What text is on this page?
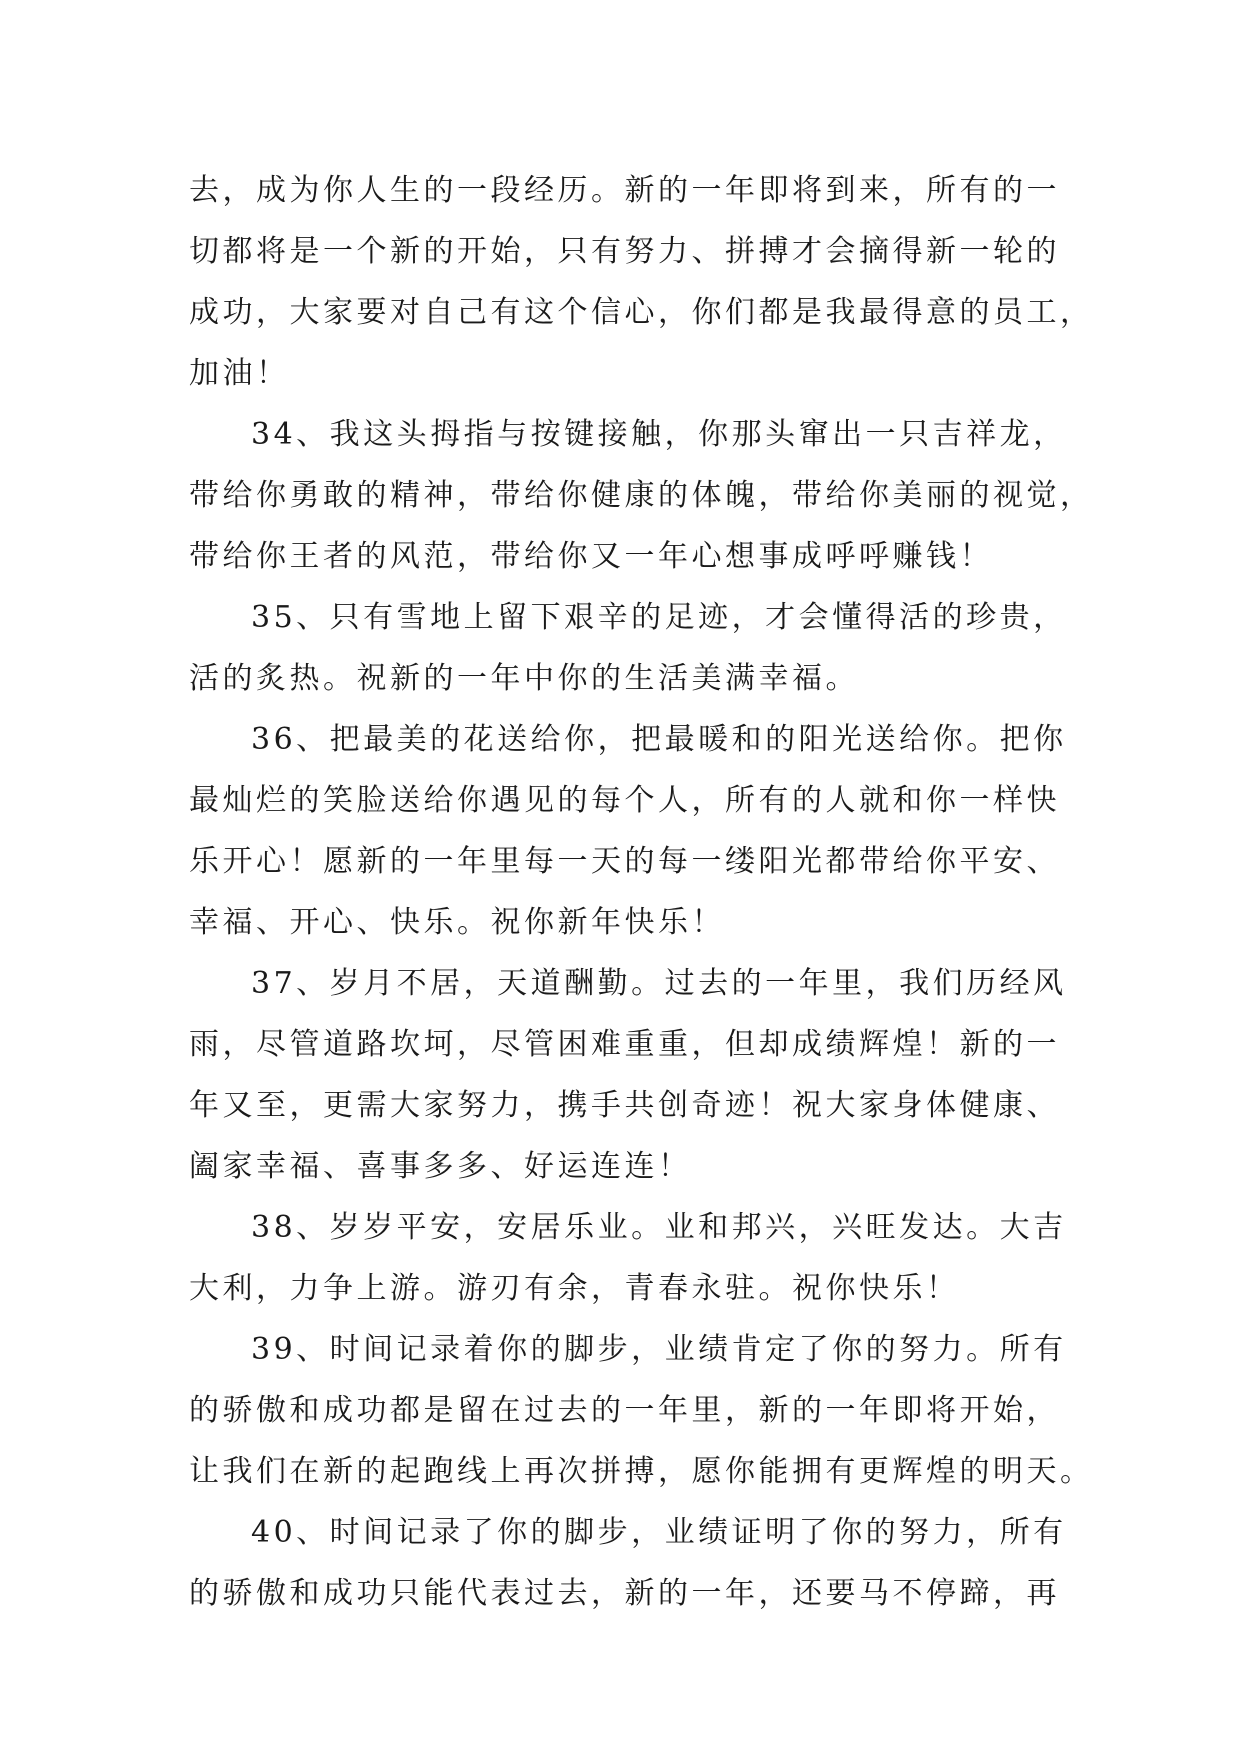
去，成为你人生的一段经历。新的一年即将到来，所有的一
切都将是一个新的开始，只有努力、拼搏才会摘得新一轮的
成功，大家要对自己有这个信心，你们都是我最得意的员工，
加油！
34、我这头拇指与按键接触，你那头窜出一只吉祥龙，
带给你勇敢的精神，带给你健康的体魄，带给你美丽的视觉，
带给你王者的风范，带给你又一年心想事成呼呼赚钱！
35、只有雪地上留下艰辛的足迹，才会懂得活的珍贵，
活的炙热。祝新的一年中你的生活美满幸福。
36、把最美的花送给你，把最暖和的阳光送给你。把你
最灿烂的笑脸送给你遇见的每个人，所有的人就和你一样快
乐开心！愿新的一年里每一天的每一缕阳光都带给你平安、
幸福、开心、快乐。祝你新年快乐！
37、岁月不居，天道酬勤。过去的一年里，我们历经风
雨，尽管道路坎坷，尽管困难重重，但却成绩辉煌！新的一
年又至，更需大家努力，携手共创奇迹！祝大家身体健康、
阖家幸福、喜事多多、好运连连！
38、岁岁平安，安居乐业。业和邦兴，兴旺发达。大吉
大利，力争上游。游刃有余，青春永驻。祝你快乐！
39、时间记录着你的脚步，业绩肯定了你的努力。所有
的骄傲和成功都是留在过去的一年里，新的一年即将开始，
让我们在新的起跑线上再次拼搏，愿你能拥有更辉煌的明天。
40、时间记录了你的脚步，业绩证明了你的努力，所有
的骄傲和成功只能代表过去，新的一年，还要马不停蹄，再
